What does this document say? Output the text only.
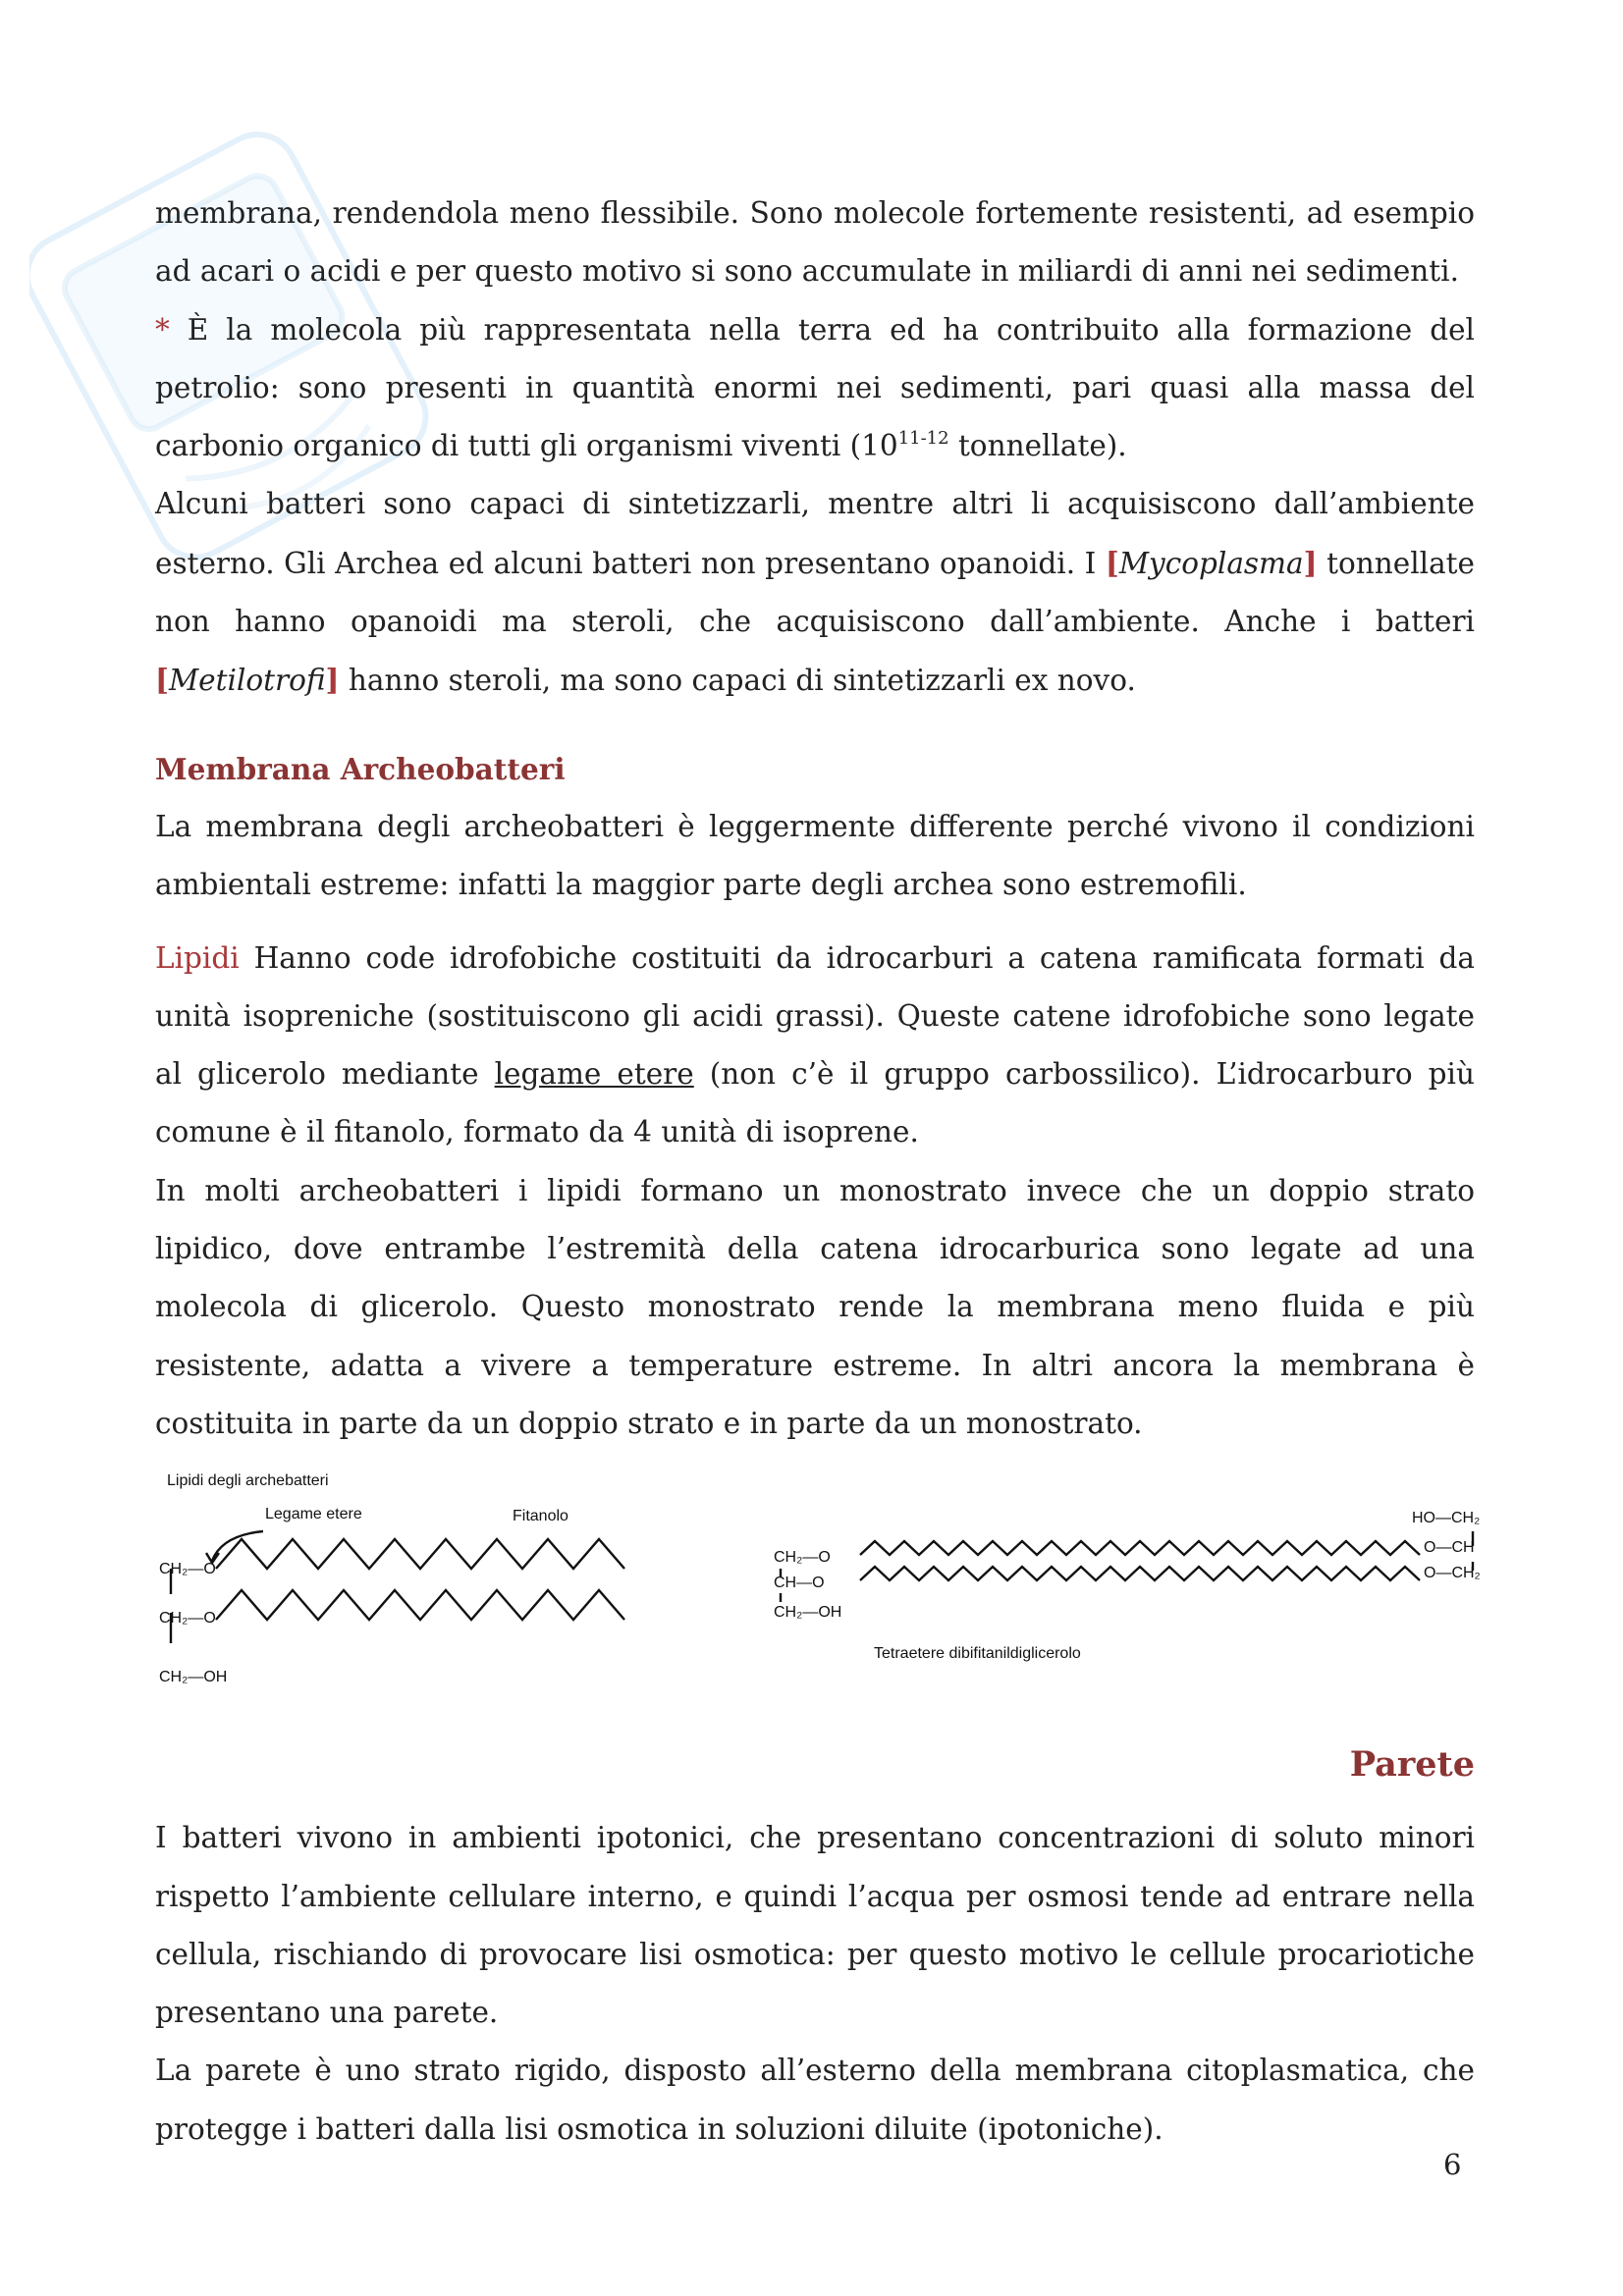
membrana, rendendola meno flessibile. Sono molecole fortemente resistenti, ad esempio ad acari o acidi e per questo motivo si sono accumulate in miliardi di anni nei sedimenti.

* È la molecola più rappresentata nella terra ed ha contribuito alla formazione del petrolio: sono presenti in quantità enormi nei sedimenti, pari quasi alla massa del carbonio organico di tutti gli organismi viventi (10$^{11-12}$ tonnellate).

Alcuni batteri sono capaci di sintetizzarli, mentre altri li acquisiscono dall’ambiente esterno. Gli Archea ed alcuni batteri non presentano opanoidi. I [Mycoplasma] tonnellate non hanno opanoidi ma steroli, che acquisiscono dall’ambiente. Anche i batteri [Metilotrofi] hanno steroli, ma sono capaci di sintetizzarli ex novo.

Membrana Archeobatteri

La membrana degli archeobatteri è leggermente differente perché vivono il condizioni ambientali estreme: infatti la maggior parte degli archea sono estremofili.

Lipidi Hanno code idrofobiche costituiti da idrocarburi a catena ramificata formati da unità isopreniche (sostituiscono gli acidi grassi). Queste catene idrofobiche sono legate al glicerolo mediante legame etere (non c’è il gruppo carbossilico). L’idrocarburo più comune è il fitanolo, formato da 4 unità di isoprene.

In molti archeobatteri i lipidi formano un monostrato invece che un doppio strato lipidico, dove entrambe l’estremità della catena idrocarburica sono legate ad una molecola di glicerolo. Questo monostrato rende la membrana meno fluida e più resistente, adatta a vivere a temperature estreme. In altri ancora la membrana è costituita in parte da un doppio strato e in parte da un monostrato.

Lipidi degli archebatteri
Legame etere	Fitanolo
CH₂—O
CH₂—O
CH₂—OH
CH₂—O
CH—O
CH₂—OH
HO—CH₂
O—CH
O—CH₂
Tetraetere dibifitanildiglicerolo

Parete

I batteri vivono in ambienti ipotonici, che presentano concentrazioni di soluto minori rispetto l’ambiente cellulare interno, e quindi l’acqua per osmosi tende ad entrare nella cellula, rischiando di provocare lisi osmotica: per questo motivo le cellule procariotiche presentano una parete.

La parete è uno strato rigido, disposto all’esterno della membrana citoplasmatica, che protegge i batteri dalla lisi osmotica in soluzioni diluite (ipotoniche).

6
